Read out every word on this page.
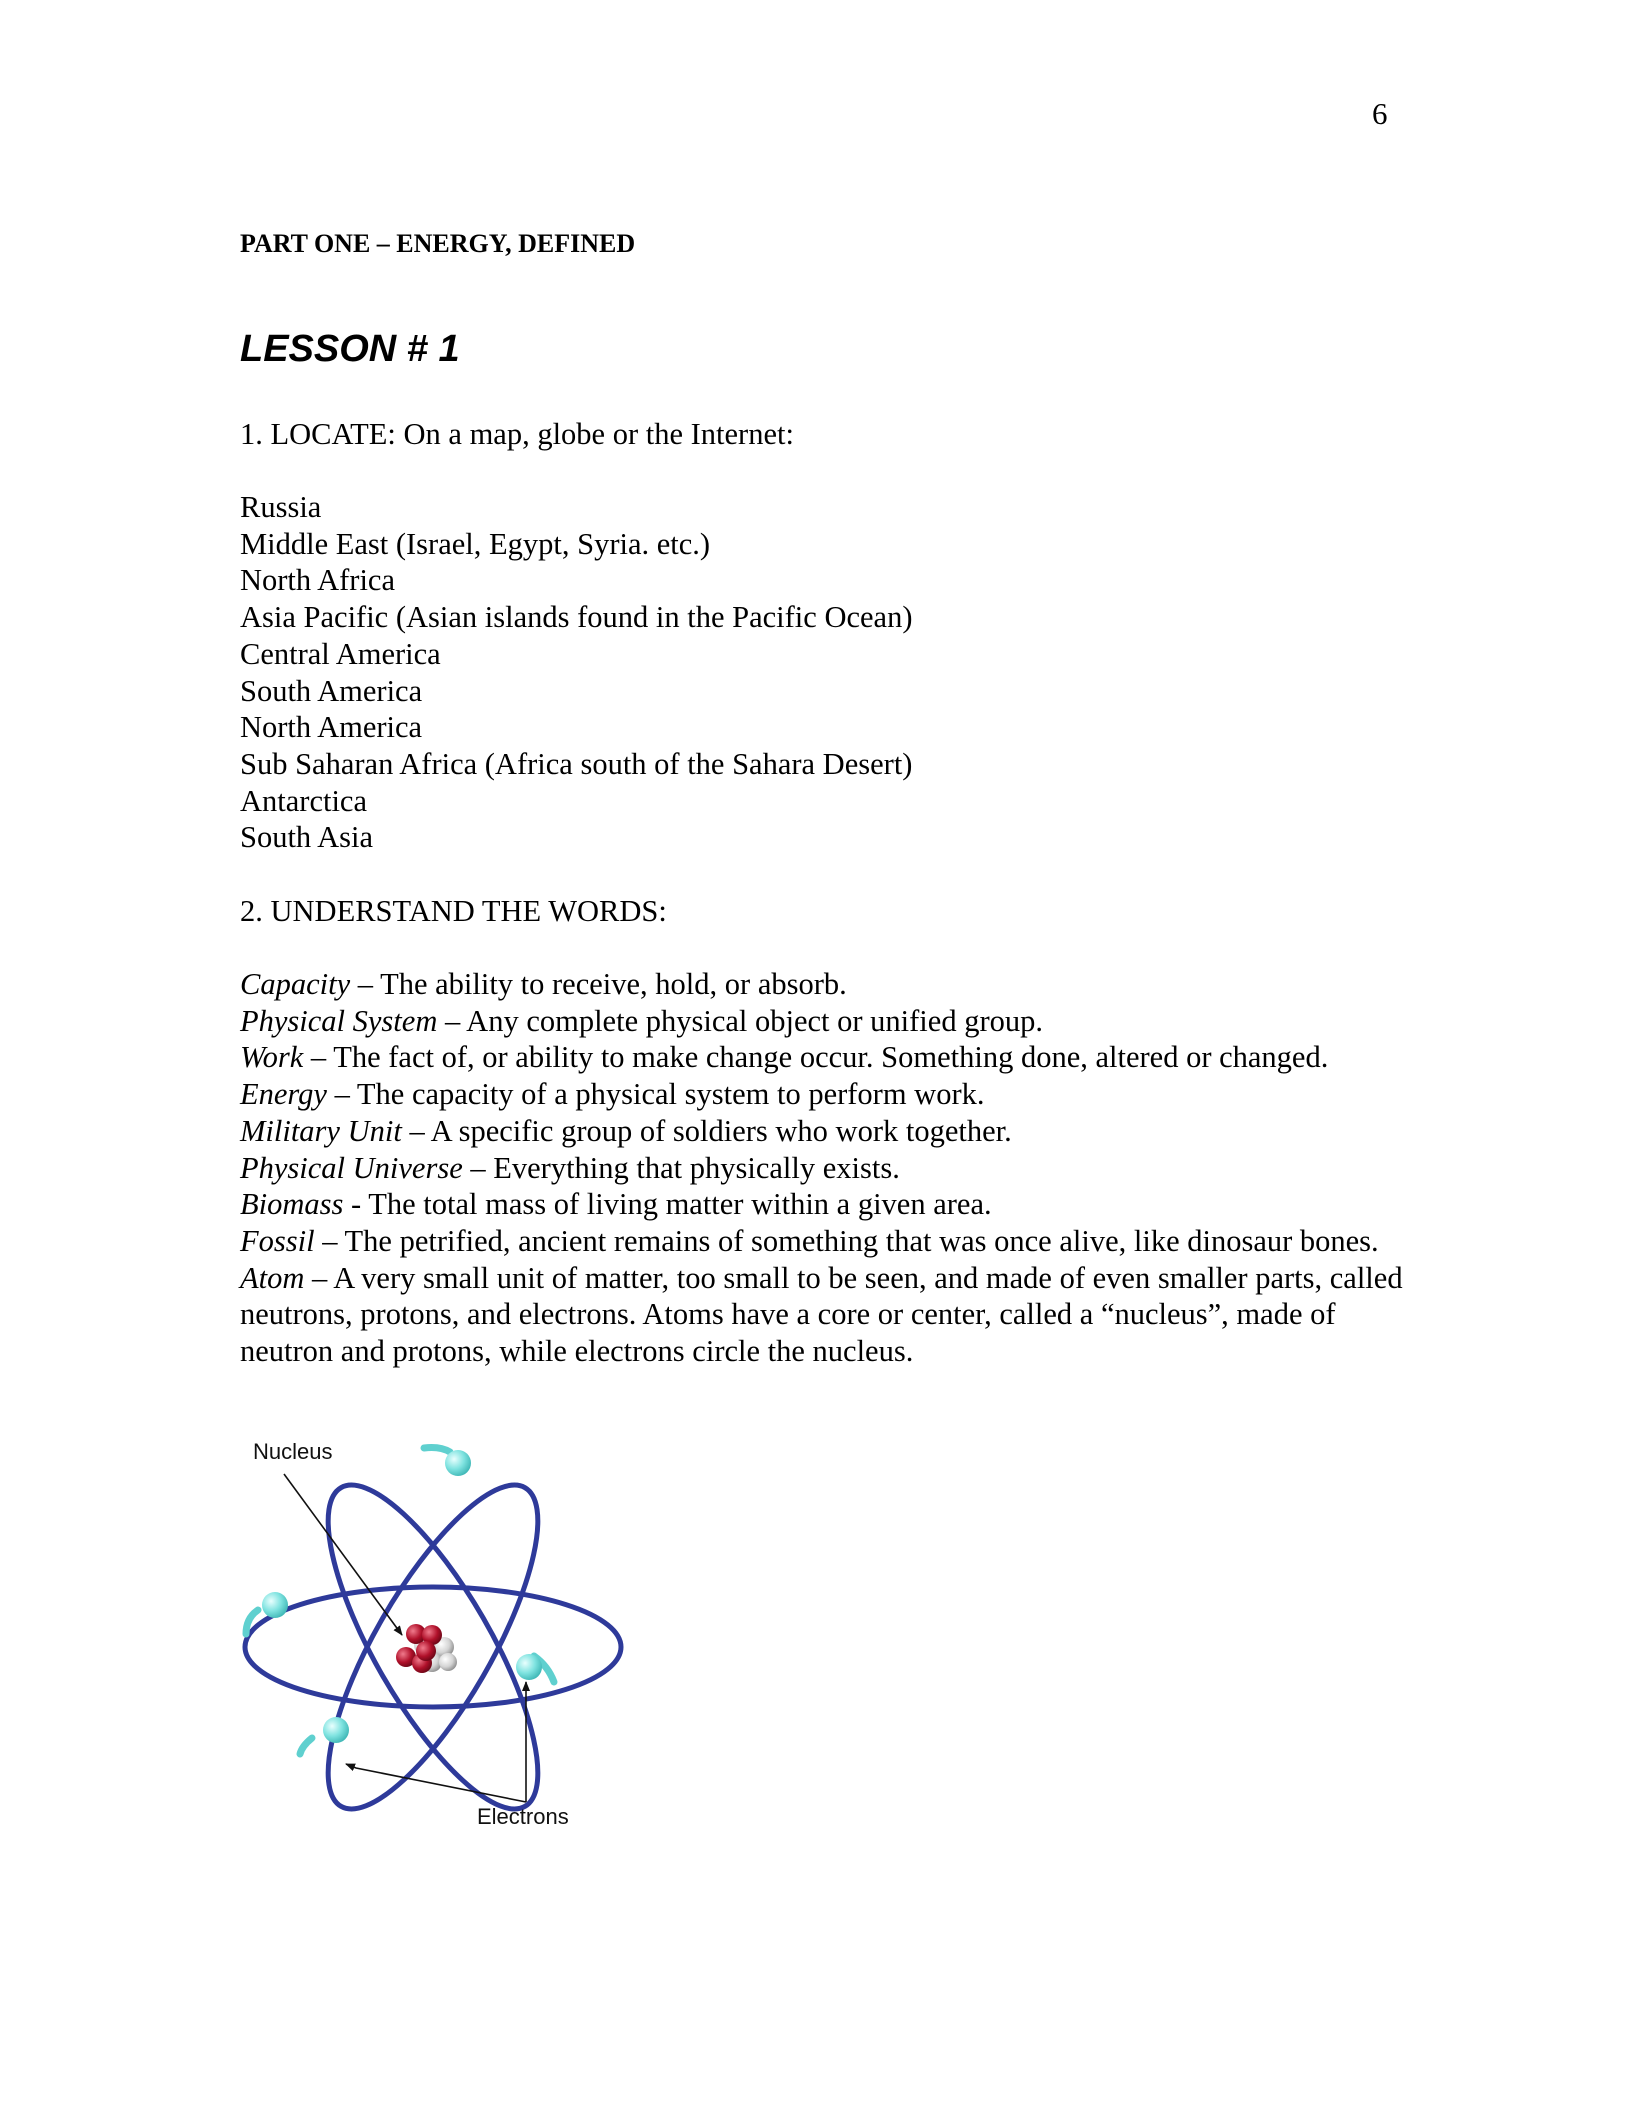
6
PART ONE – ENERGY, DEFINED
LESSON # 1
1. LOCATE: On a map, globe or the Internet:
Russia
Middle East (Israel, Egypt, Syria. etc.)
North Africa
Asia Pacific (Asian islands found in the Pacific Ocean)
Central America
South America
North America
Sub Saharan Africa (Africa south of the Sahara Desert)
Antarctica
South Asia
2. UNDERSTAND THE WORDS:
Capacity – The ability to receive, hold, or absorb.
Physical System – Any complete physical object or unified group.
Work – The fact of, or ability to make change occur. Something done, altered or changed.
Energy – The capacity of a physical system to perform work.
Military Unit – A specific group of soldiers who work together.
Physical Universe – Everything that physically exists.
Biomass - The total mass of living matter within a given area.
Fossil – The petrified, ancient remains of something that was once alive, like dinosaur bones.
Atom – A very small unit of matter, too small to be seen, and made of even smaller parts, called neutrons, protons, and electrons. Atoms have a core or center, called a “nucleus”, made of neutron and protons, while electrons circle the nucleus.
Nucleus
Electrons
